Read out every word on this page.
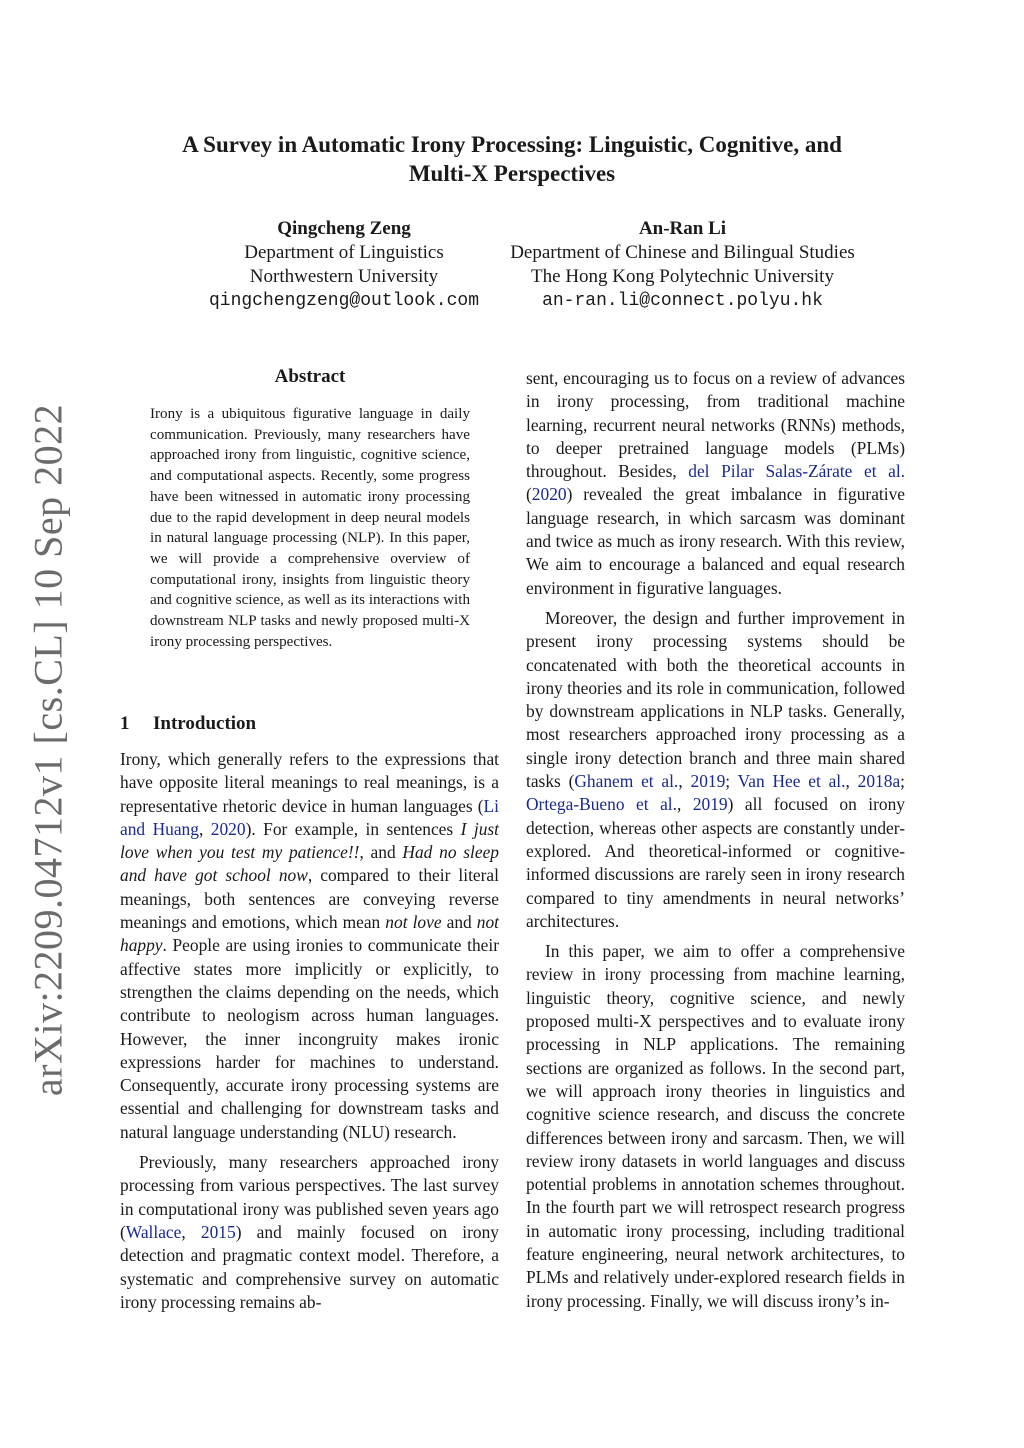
arXiv:2209.04712v1 [cs.CL] 10 Sep 2022
A Survey in Automatic Irony Processing: Linguistic, Cognitive, and
Multi-X Perspectives
Qingcheng Zeng
Department of Linguistics
Northwestern University
qingchengzeng@outlook.com
An-Ran Li
Department of Chinese and Bilingual Studies
The Hong Kong Polytechnic University
an-ran.li@connect.polyu.hk
Abstract

Irony is a ubiquitous figurative language in daily communication. Previously, many researchers have approached irony from linguistic, cognitive science, and computational aspects. Recently, some progress have been witnessed in automatic irony processing due to the rapid development in deep neural models in natural language processing (NLP). In this paper, we will provide a comprehensive overview of computational irony, insights from linguistic theory and cognitive science, as well as its interactions with downstream NLP tasks and newly proposed multi-X irony processing perspectives.

1 Introduction

Irony, which generally refers to the expressions that have opposite literal meanings to real meanings, is a representative rhetoric device in human languages (Li and Huang, 2020). For example, in sentences I just love when you test my patience!!, and Had no sleep and have got school now, compared to their literal meanings, both sentences are conveying reverse meanings and emotions, which mean not love and not happy. People are using ironies to communicate their affective states more implicitly or explicitly, to strengthen the claims depending on the needs, which contribute to neologism across human languages. However, the inner incongruity makes ironic expressions harder for machines to understand. Consequently, accurate irony processing systems are essential and challenging for downstream tasks and natural language understanding (NLU) research.

Previously, many researchers approached irony processing from various perspectives. The last survey in computational irony was published seven years ago (Wallace, 2015) and mainly focused on irony detection and pragmatic context model. Therefore, a systematic and comprehensive survey on automatic irony processing remains ab-

sent, encouraging us to focus on a review of advances in irony processing, from traditional machine learning, recurrent neural networks (RNNs) methods, to deeper pretrained language models (PLMs) throughout. Besides, del Pilar Salas-Zárate et al. (2020) revealed the great imbalance in figurative language research, in which sarcasm was dominant and twice as much as irony research. With this review, We aim to encourage a balanced and equal research environment in figurative languages.

Moreover, the design and further improvement in present irony processing systems should be concatenated with both the theoretical accounts in irony theories and its role in communication, followed by downstream applications in NLP tasks. Generally, most researchers approached irony processing as a single irony detection branch and three main shared tasks (Ghanem et al., 2019; Van Hee et al., 2018a; Ortega-Bueno et al., 2019) all focused on irony detection, whereas other aspects are constantly under-explored. And theoretical-informed or cognitive-informed discussions are rarely seen in irony research compared to tiny amendments in neural networks’ architectures.

In this paper, we aim to offer a comprehensive review in irony processing from machine learning, linguistic theory, cognitive science, and newly proposed multi-X perspectives and to evaluate irony processing in NLP applications. The remaining sections are organized as follows. In the second part, we will approach irony theories in linguistics and cognitive science research, and discuss the concrete differences between irony and sarcasm. Then, we will review irony datasets in world languages and discuss potential problems in annotation schemes throughout. In the fourth part we will retrospect research progress in automatic irony processing, including traditional feature engineering, neural network architectures, to PLMs and relatively under-explored research fields in irony processing. Finally, we will discuss irony’s in-
